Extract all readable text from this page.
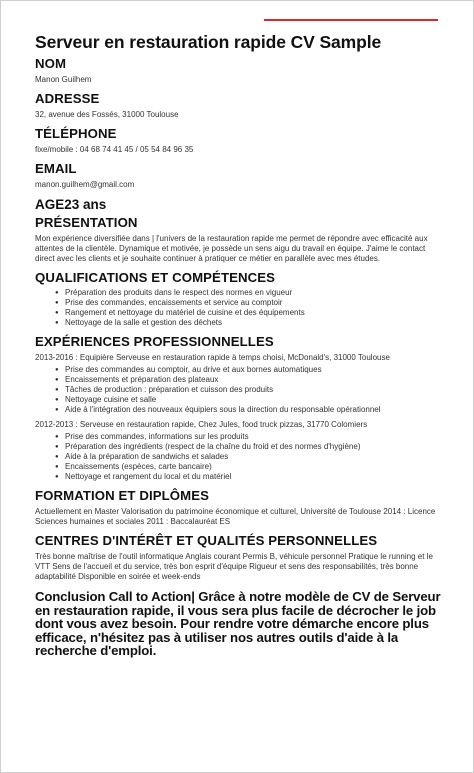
Serveur en restauration rapide CV Sample
NOM
Manon Guilhem
ADRESSE
32, avenue des Fossés, 31000 Toulouse
TÉLÉPHONE
fixe/mobile : 04 68 74 41 45 / 05 54 84 96 35
EMAIL
manon.guilhem@gmail.com
AGE23 ans
PRÉSENTATION

Mon expérience diversifiée dans | l'univers de la restauration rapide me permet de répondre avec efficacité aux attentes de la clientèle. Dynamique et motivée, je possède un sens aigu du travail en équipe. J'aime le contact direct avec les clients et je souhaite continuer à pratiquer ce métier en parallèle avec mes études.

QUALIFICATIONS ET COMPÉTENCES
● Préparation des produits dans le respect des normes en vigueur
● Prise des commandes, encaissements et service au comptoir
● Rangement et nettoyage du matériel de cuisine et des équipements
● Nettoyage de la salle et gestion des déchets
EXPÉRIENCES PROFESSIONNELLES
2013-2016 : Equipière Serveuse en restauration rapide à temps choisi, McDonald's, 31000 Toulouse
● Prise des commandes au comptoir, au drive et aux bornes automatiques
● Encaissements et préparation des plateaux
● Tâches de production : préparation et cuisson des produits
● Nettoyage cuisine et salle
● Aide à l'intégration des nouveaux équipiers sous la direction du responsable opérationnel
2012-2013 : Serveuse en restauration rapide, Chez Jules, food truck pizzas, 31770 Colomiers
● Prise des commandes, informations sur les produits
● Préparation des ingrédients (respect de la chaîne du froid et des normes d'hygiène)
● Aide à la préparation de sandwichs et salades
● Encaissements (espèces, carte bancaire)
● Nettoyage et rangement du local et du matériel
FORMATION ET DIPLÔMES

Actuellement en Master Valorisation du patrimoine économique et culturel, Université de Toulouse 2014 : Licence Sciences humaines et sociales 2011 : Baccalauréat ES

CENTRES D'INTÉRÊT ET QUALITÉS PERSONNELLES

Très bonne maîtrise de l'outil informatique Anglais courant Permis B, véhicule personnel Pratique le running et le VTT Sens de l'accueil et du service, très bon esprit d'équipe Rigueur et sens des responsabilités, très bonne adaptabilité Disponible en soirée et week-ends

Conclusion Call to Action| Grâce à notre modèle de CV de Serveur en restauration rapide, il vous sera plus facile de décrocher le job dont vous avez besoin. Pour rendre votre démarche encore plus efficace, n'hésitez pas à utiliser nos autres outils d'aide à la recherche d'emploi.
